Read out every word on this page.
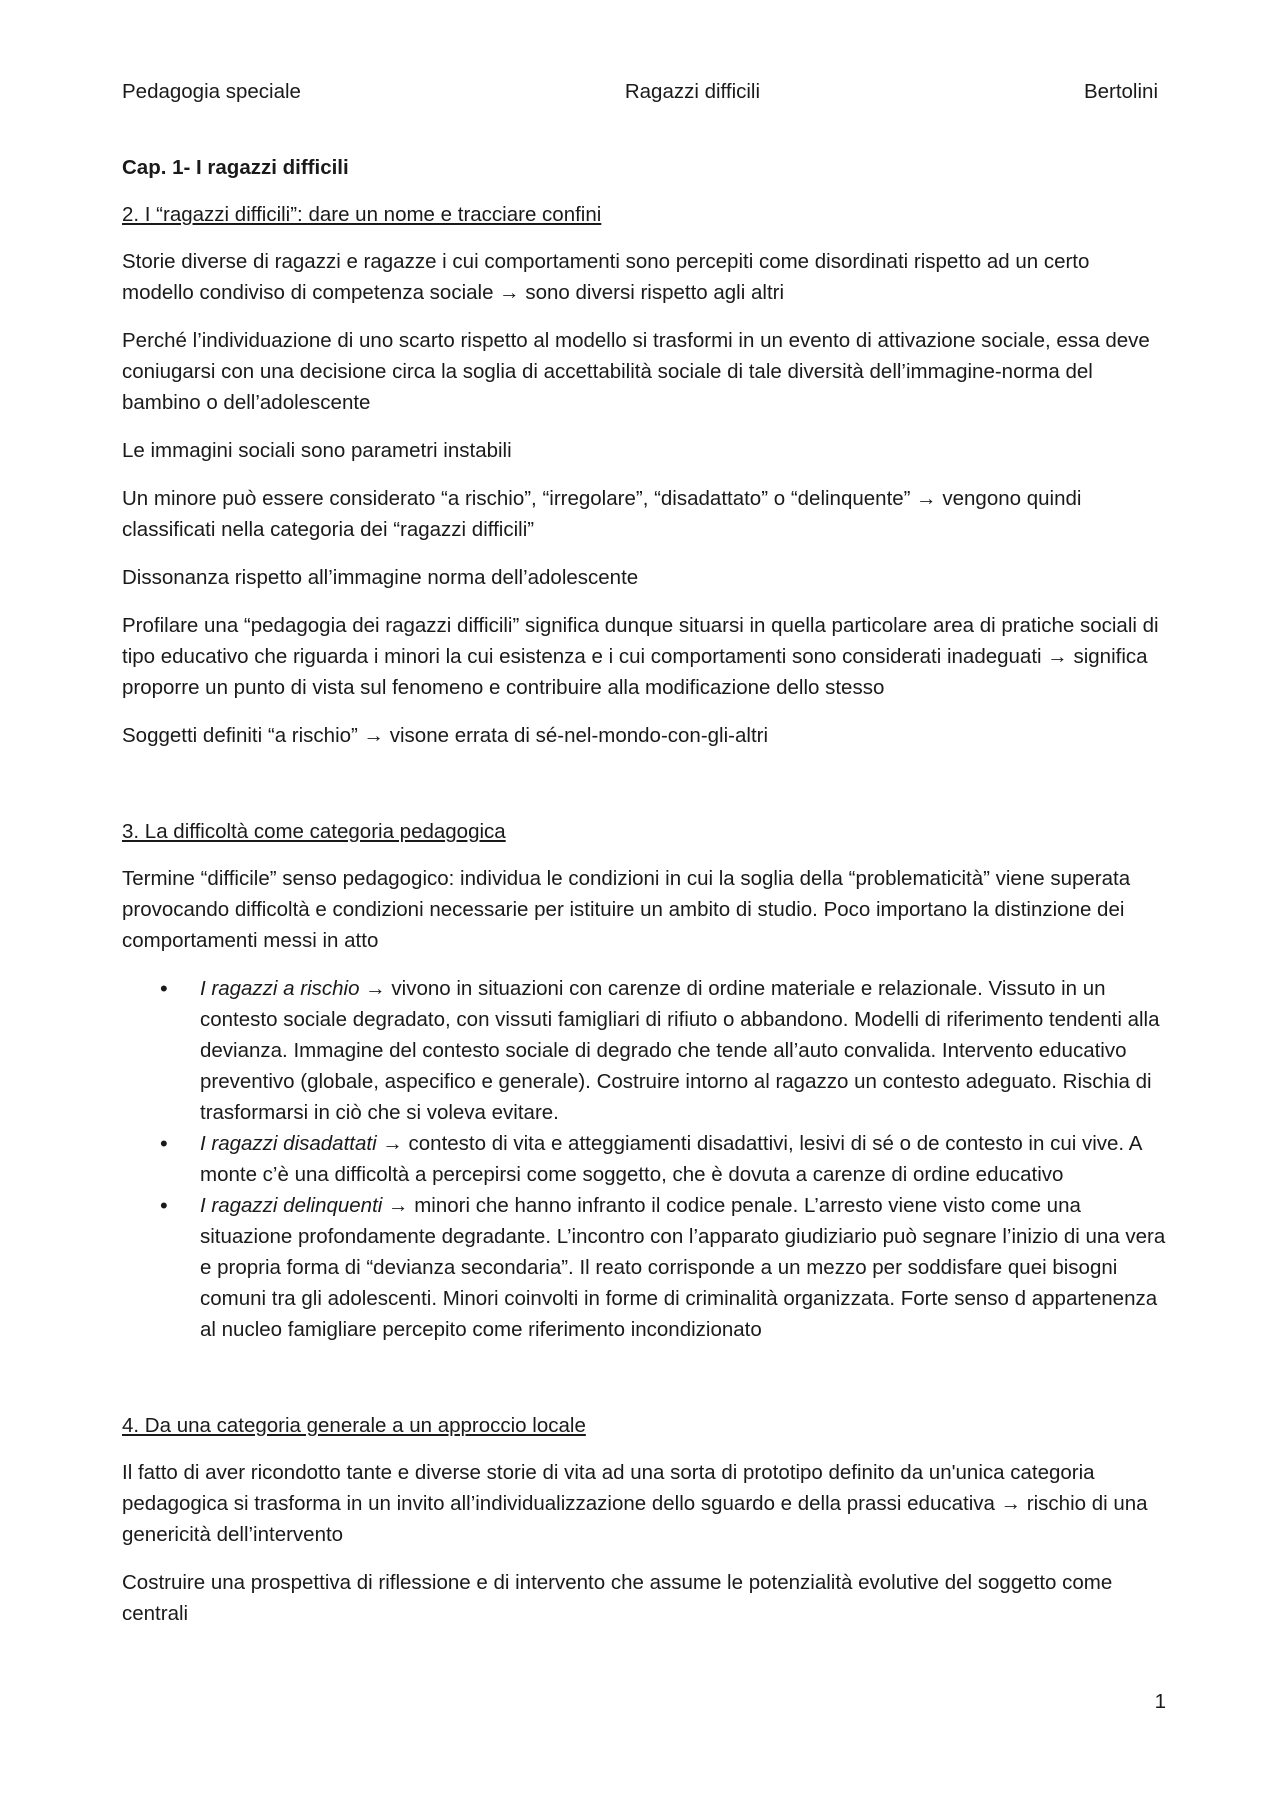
Pedagogia speciale	Ragazzi difficili	Bertolini

Cap. 1- I ragazzi difficili

2. I “ragazzi difficili”: dare un nome e tracciare confini

Storie diverse di ragazzi e ragazze i cui comportamenti sono percepiti come disordinati rispetto ad un certo modello condiviso di competenza sociale → sono diversi rispetto agli altri

Perché l’individuazione di uno scarto rispetto al modello si trasformi in un evento di attivazione sociale, essa deve coniugarsi con una decisione circa la soglia di accettabilità sociale di tale diversità dell’immagine-norma del bambino o dell’adolescente

Le immagini sociali sono parametri instabili

Un minore può essere considerato “a rischio”, “irregolare”, “disadattato” o “delinquente” → vengono quindi classificati nella categoria dei “ragazzi difficili”

Dissonanza rispetto all’immagine norma dell’adolescente

Profilare una “pedagogia dei ragazzi difficili” significa dunque situarsi in quella particolare area di pratiche sociali di tipo educativo che riguarda i minori la cui esistenza e i cui comportamenti sono considerati inadeguati → significa proporre un punto di vista sul fenomeno e contribuire alla modificazione dello stesso

Soggetti definiti “a rischio” → visone errata di sé-nel-mondo-con-gli-altri

3. La difficoltà come categoria pedagogica

Termine “difficile” senso pedagogico: individua le condizioni in cui la soglia della “problematicità” viene superata provocando difficoltà e condizioni necessarie per istituire un ambito di studio. Poco importano la distinzione dei comportamenti messi in atto

• I ragazzi a rischio → vivono in situazioni con carenze di ordine materiale e relazionale. Vissuto in un contesto sociale degradato, con vissuti famigliari di rifiuto o abbandono. Modelli di riferimento tendenti alla devianza. Immagine del contesto sociale di degrado che tende all’auto convalida. Intervento educativo preventivo (globale, aspecifico e generale). Costruire intorno al ragazzo un contesto adeguato. Rischia di trasformarsi in ciò che si voleva evitare.
• I ragazzi disadattati → contesto di vita e atteggiamenti disadattivi, lesivi di sé o de contesto in cui vive. A monte c’è una difficoltà a percepirsi come soggetto, che è dovuta a carenze di ordine educativo
• I ragazzi delinquenti → minori che hanno infranto il codice penale. L’arresto viene visto come una situazione profondamente degradante. L’incontro con l’apparato giudiziario può segnare l’inizio di una vera e propria forma di “devianza secondaria”. Il reato corrisponde a un mezzo per soddisfare quei bisogni comuni tra gli adolescenti. Minori coinvolti in forme di criminalità organizzata. Forte senso d appartenenza al nucleo famigliare percepito come riferimento incondizionato

4. Da una categoria generale a un approccio locale

Il fatto di aver ricondotto tante e diverse storie di vita ad una sorta di prototipo definito da un'unica categoria pedagogica si trasforma in un invito all’individualizzazione dello sguardo e della prassi educativa → rischio di una genericità dell’intervento

Costruire una prospettiva di riflessione e di intervento che assume le potenzialità evolutive del soggetto come centrali

1
